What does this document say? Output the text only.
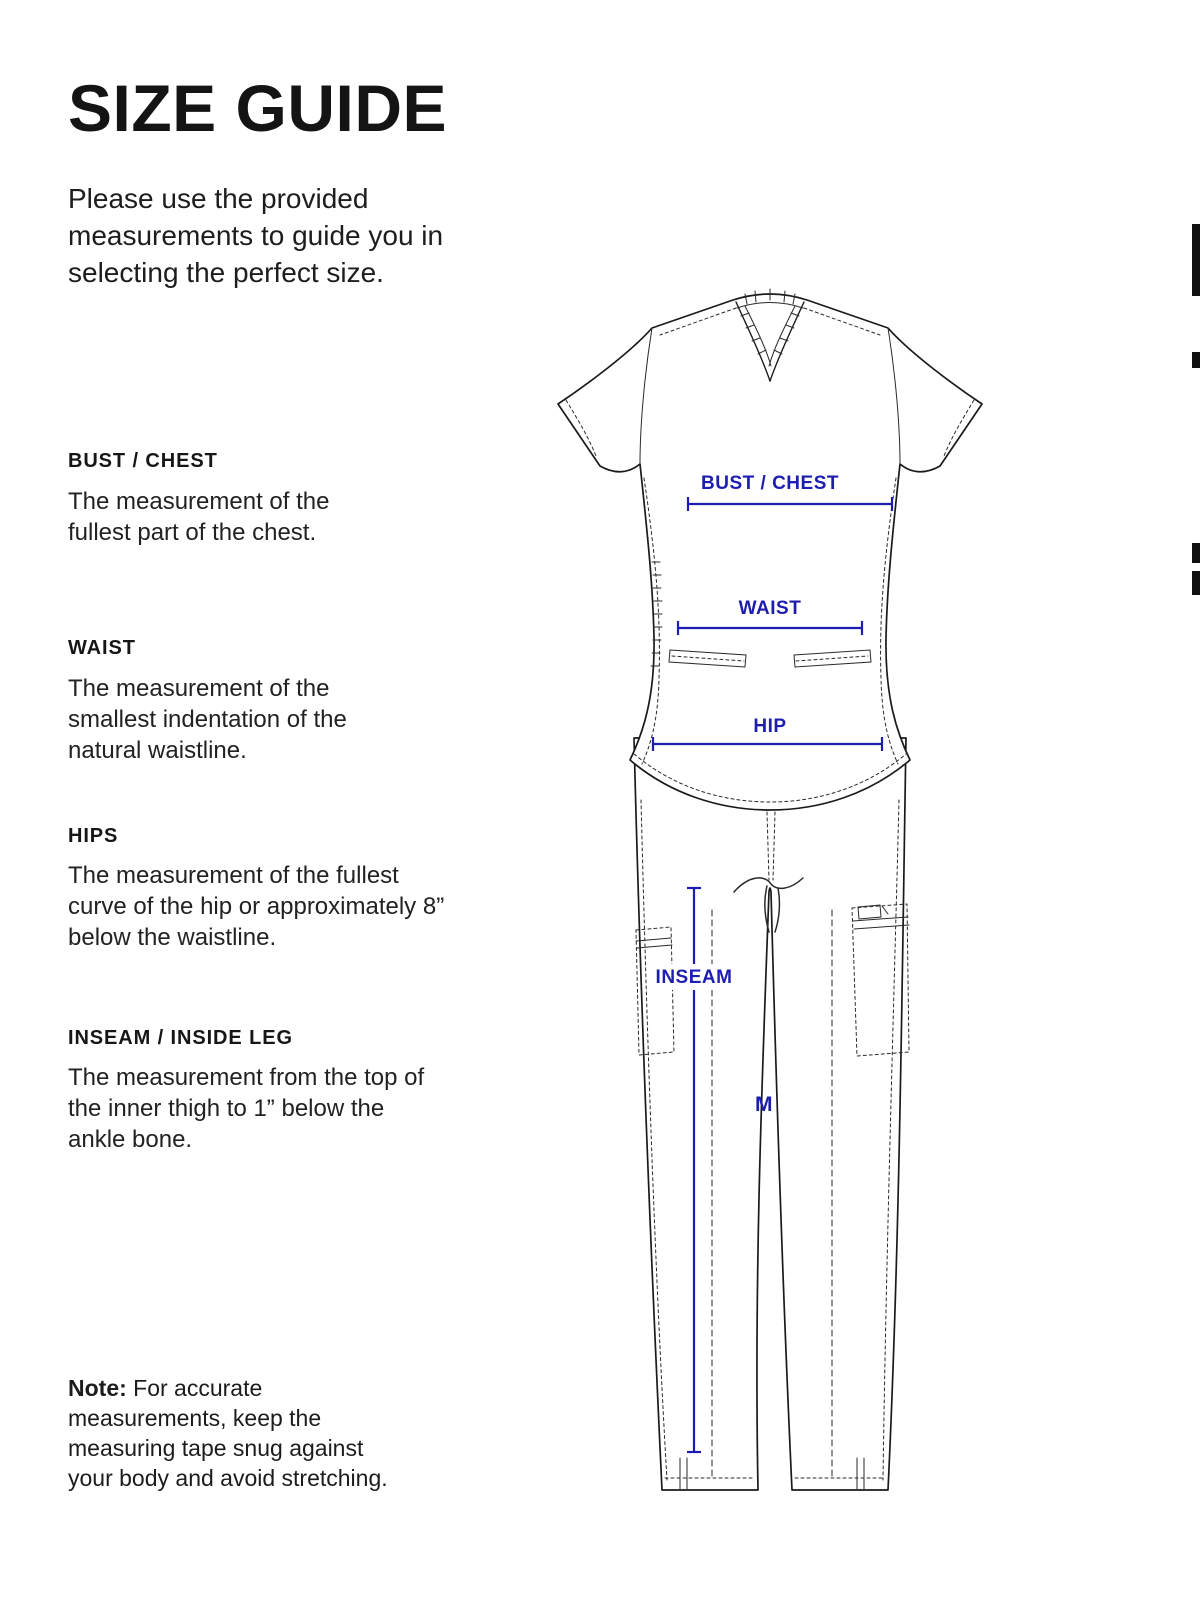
SIZE GUIDE

Please use the provided measurements to guide you in selecting the perfect size.

BUST / CHEST
The measurement of the fullest part of the chest.
WAIST
The measurement of the smallest indentation of the natural waistline.
HIPS
The measurement of the fullest curve of the hip or approximately 8” below the waistline.
INSEAM / INSIDE LEG
The measurement from the top of the inner thigh to 1” below the ankle bone.

Note: For accurate measurements, keep the measuring tape snug against your body and avoid stretching.

BUST / CHEST
WAIST
HIP
INSEAM
M
